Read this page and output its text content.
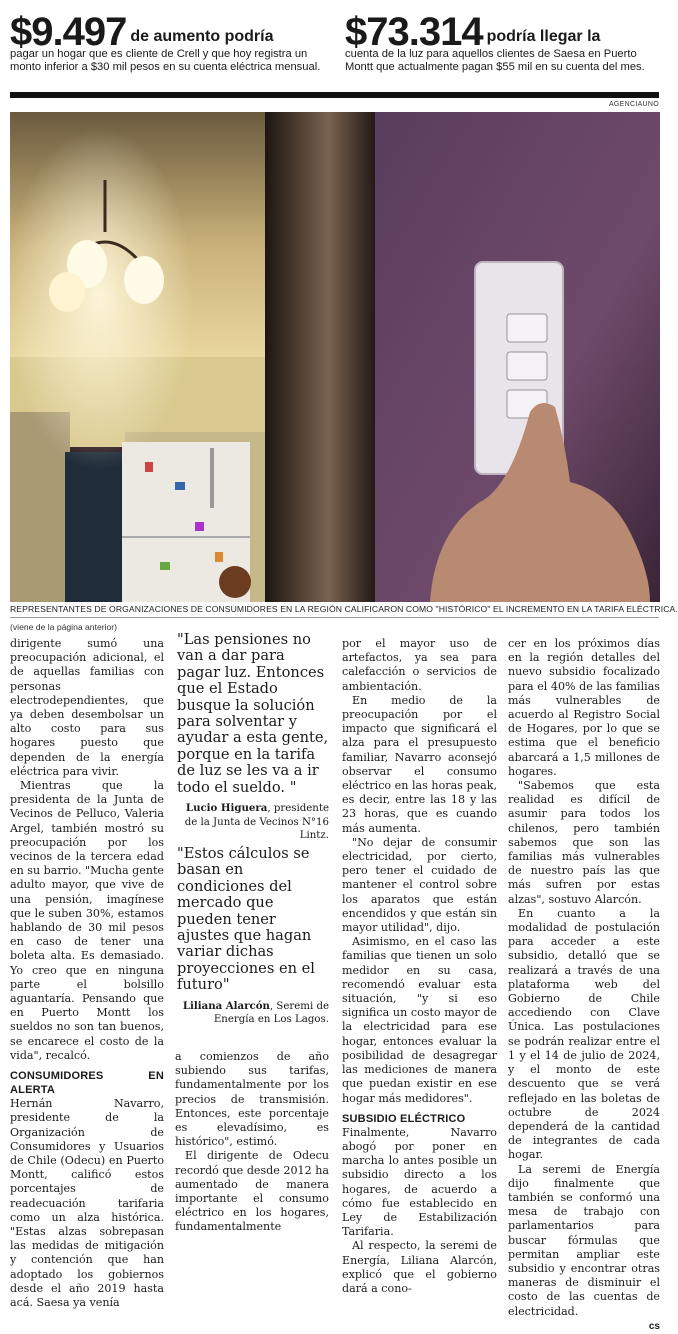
$9.497 de aumento podría
pagar un hogar que es cliente de Crell y que hoy registra un monto inferior a $30 mil pesos en su cuenta eléctrica mensual.
$73.314 podría llegar la
cuenta de la luz para aquellos clientes de Saesa en Puerto Montt que actualmente pagan $55 mil en su cuenta del mes.
AGENCIAUNO
REPRESENTANTES DE ORGANIZACIONES DE CONSUMIDORES EN LA REGIÓN CALIFICARON COMO "HISTÓRICO" EL INCREMENTO EN LA TARIFA ELÉCTRICA.
(viene de la página anterior)

dirigente sumó una preocupación adicional, el de aquellas familias con personas electrodependientes, que ya deben desembolsar un alto costo para sus hogares puesto que dependen de la energía eléctrica para vivir.

Mientras que la presidenta de la Junta de Vecinos de Pelluco, Valeria Argel, también mostró su preocupación por los vecinos de la tercera edad en su barrio. "Mucha gente adulto mayor, que vive de una pensión, imagínese que le suben 30%, estamos hablando de 30 mil pesos en caso de tener una boleta alta. Es demasiado. Yo creo que en ninguna parte el bolsillo aguantaría. Pensando que en Puerto Montt los sueldos no son tan buenos, se encarece el costo de la vida", recalcó.

CONSUMIDORES EN ALERTA

Hernán Navarro, presidente de la Organización de Consumidores y Usuarios de Chile (Odecu) en Puerto Montt, calificó estos porcentajes de readecuación tarifaria como un alza histórica. "Estas alzas sobrepasan las medidas de mitigación y contención que han adoptado los gobiernos desde el año 2019 hasta acá. Saesa ya venía

"Las pensiones no van a dar para pagar luz. Entonces que el Estado busque la solución para solventar y ayudar a esta gente, porque en la tarifa de luz se les va a ir todo el sueldo. "
Lucio Higuera, presidente de la Junta de Vecinos N°16 Lintz.
"Estos cálculos se basan en condiciones del mercado que pueden tener ajustes que hagan variar dichas proyecciones en el futuro"
Liliana Alarcón, Seremi de Energía en Los Lagos.

a comienzos de año subiendo sus tarifas, fundamentalmente por los precios de transmisión. Entonces, este porcentaje es elevadísimo, es histórico", estimó.

El dirigente de Odecu recordó que desde 2012 ha aumentado de manera importante el consumo eléctrico en los hogares, fundamentalmente

por el mayor uso de artefactos, ya sea para calefacción o servicios de ambientación.

En medio de la preocupación por el impacto que significará el alza para el presupuesto familiar, Navarro aconsejó observar el consumo eléctrico en las horas peak, es decir, entre las 18 y las 23 horas, que es cuando más aumenta.

"No dejar de consumir electricidad, por cierto, pero tener el cuidado de mantener el control sobre los aparatos que están encendidos y que están sin mayor utilidad", dijo.

Asimismo, en el caso las familias que tienen un solo medidor en su casa, recomendó evaluar esta situación, "y si eso significa un costo mayor de la electricidad para ese hogar, entonces evaluar la posibilidad de desagregar las mediciones de manera que puedan existir en ese hogar más medidores".

SUBSIDIO ELÉCTRICO

Finalmente, Navarro abogó por poner en marcha lo antes posible un subsidio directo a los hogares, de acuerdo a cómo fue establecido en Ley de Estabilización Tarifaria.

Al respecto, la seremi de Energía, Liliana Alarcón, explicó que el gobierno dará a cono-

cer en los próximos días en la región detalles del nuevo subsidio focalizado para el 40% de las familias más vulnerables de acuerdo al Registro Social de Hogares, por lo que se estima que el beneficio abarcará a 1,5 millones de hogares.

"Sabemos que esta realidad es difícil de asumir para todos los chilenos, pero también sabemos que son las familias más vulnerables de nuestro país las que más sufren por estas alzas", sostuvo Alarcón.

En cuanto a la modalidad de postulación para acceder a este subsidio, detalló que se realizará a través de una plataforma web del Gobierno de Chile accediendo con Clave Única. Las postulaciones se podrán realizar entre el 1 y el 14 de julio de 2024, y el monto de este descuento que se verá reflejado en las boletas de octubre de 2024 dependerá de la cantidad de integrantes de cada hogar.

La seremi de Energía dijo finalmente que también se conformó una mesa de trabajo con parlamentarios para buscar fórmulas que permitan ampliar este subsidio y encontrar otras maneras de disminuir el costo de las cuentas de electricidad.

cs
